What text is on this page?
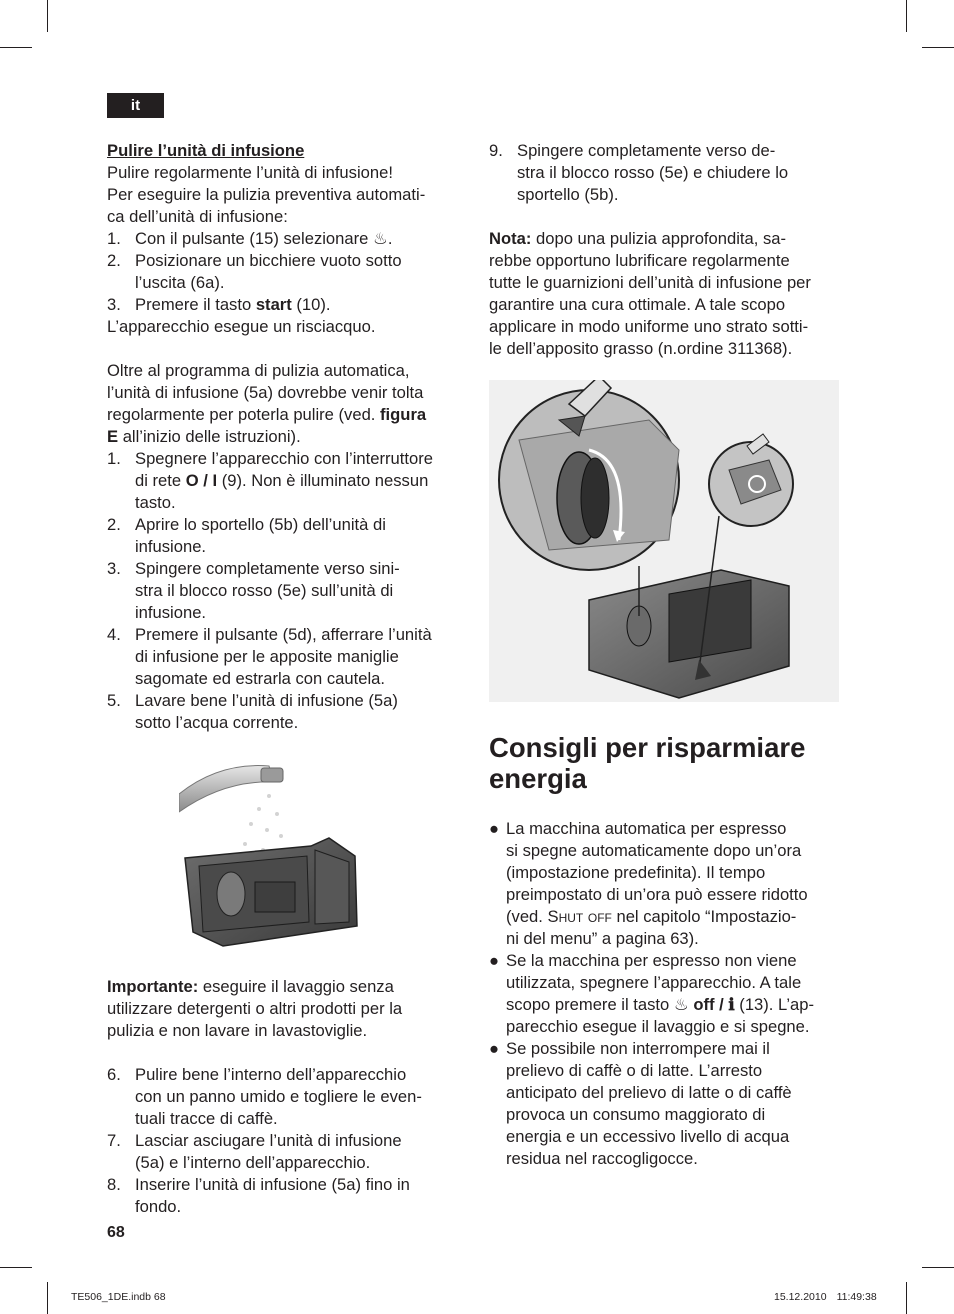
it

Pulire l’unità di infusione

Pulire regolarmente l’unità di infusione!

Per eseguire la pulizia preventiva automati-

ca dell’unità di infusione:

1. Con il pulsante (15) selezionare ♨.
2. Posizionare un bicchiere vuoto sotto
l’uscita (6a).
3. Premere il tasto start (10).

L’apparecchio esegue un risciacquo.

Oltre al programma di pulizia automatica,

l’unità di infusione (5a) dovrebbe venir tolta

regolarmente per poterla pulire (ved. figura

E all’inizio delle istruzioni).

1. Spegnere l’apparecchio con l’interruttore
di rete O / I (9). Non è illuminato nessun
tasto.
2. Aprire lo sportello (5b) dell’unità di
infusione.
3. Spingere completamente verso sini-
stra il blocco rosso (5e) sull’unità di
infusione.
4. Premere il pulsante (5d), afferrare l’unità
di infusione per le apposite maniglie
sagomate ed estrarla con cautela.
5. Lavare bene l’unità di infusione (5a)
sotto l’acqua corrente.

Importante: eseguire il lavaggio senza

utilizzare detergenti o altri prodotti per la

pulizia e non lavare in lavastoviglie.

6. Pulire bene l’interno dell’apparecchio
con un panno umido e togliere le even-
tuali tracce di caffè.
7. Lasciar asciugare l’unità di infusione
(5a) e l’interno dell’apparecchio.
8. Inserire l’unità di infusione (5a) fino in
fondo.
9. Spingere completamente verso de-
stra il blocco rosso (5e) e chiudere lo
sportello (5b).

Nota: dopo una pulizia approfondita, sa-

rebbe opportuno lubrificare regolarmente

tutte le guarnizioni dell’unità di infusione per

garantire una cura ottimale. A tale scopo

applicare in modo uniforme uno strato sotti-

le dell’apposito grasso (n.ordine 311368).

Consigli per risparmiare
energia

● La macchina automatica per espresso
si spegne automaticamente dopo un’ora
(impostazione predefinita). Il tempo
preimpostato di un’ora può essere ridotto
(ved. Shut off nel capitolo “Impostazio-
ni del menu” a pagina 63).
● Se la macchina per espresso non viene
utilizzata, spegnere l’apparecchio. A tale
scopo premere il tasto ♨ off / ℹ (13). L’ap-
parecchio esegue il lavaggio e si spegne.
● Se possibile non interrompere mai il
prelievo di caffè o di latte. L’arresto
anticipato del prelievo di latte o di caffè
provoca un consumo maggiorato di
energia e un eccessivo livello di acqua
residua nel raccogligocce.
68
TE506_1DE.indb 68	15.12.2010 11:49:38
